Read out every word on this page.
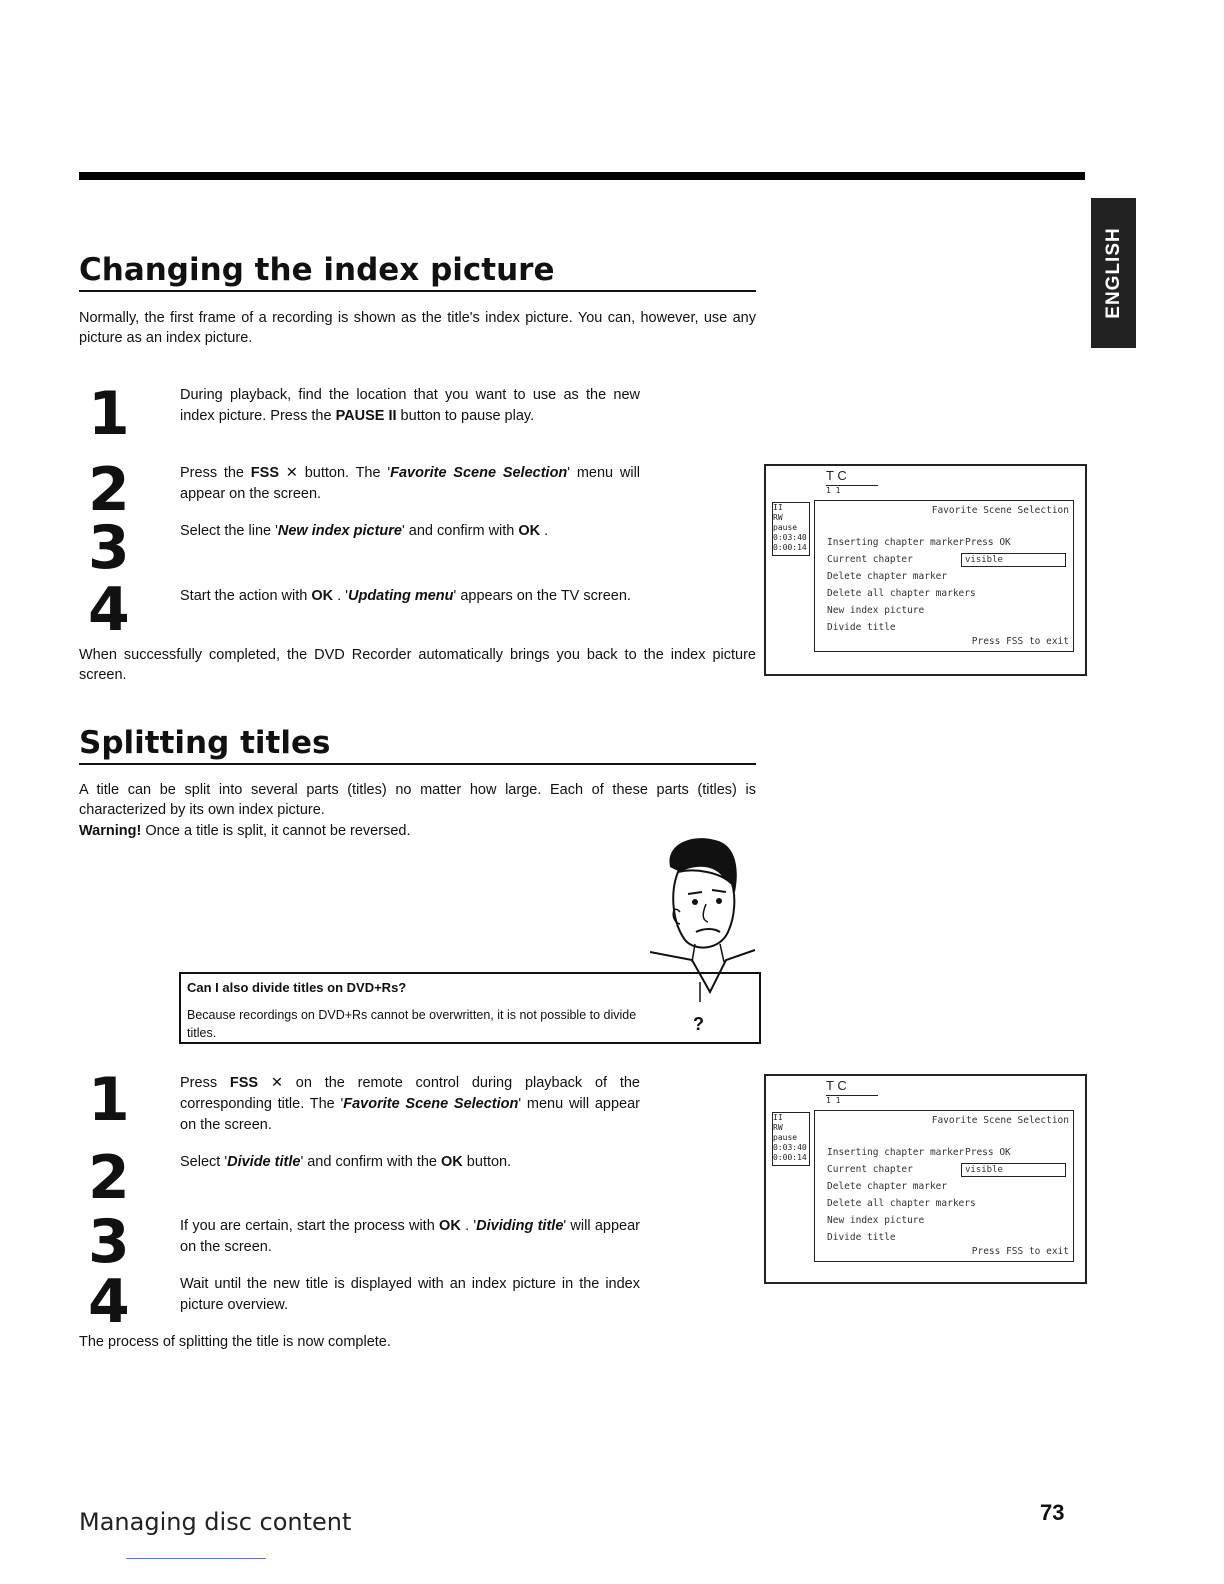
ENGLISH
Changing the index picture
Normally, the first frame of a recording is shown as the title's index picture. You can, however, use any picture as an index picture.
1	During playback, find the location that you want to use as the new index picture. Press the PAUSE II button to pause play.
2	Press the FSS ✕ button. The 'Favorite Scene Selection' menu will appear on the screen.
3	Select the line 'New index picture' and confirm with OK .
4	Start the action with OK . 'Updating menu' appears on the TV screen.
When successfully completed, the DVD Recorder automatically brings you back to the index picture screen.
T C
1 1
II
RW pause
0:03:40
0:00:14
Favorite Scene Selection
Inserting chapter marker Press OK
Current chapter	visible
Delete chapter marker
Delete all chapter markers
New index picture
Divide title
Press FSS to exit
Splitting titles
A title can be split into several parts (titles) no matter how large. Each of these parts (titles) is characterized by its own index picture.
Warning! Once a title is split, it cannot be reversed.
Can I also divide titles on DVD+Rs?
Because recordings on DVD+Rs cannot be overwritten, it is not possible to divide titles.	?
1	Press FSS ✕ on the remote control during playback of the corresponding title. The 'Favorite Scene Selection' menu will appear on the screen.
2	Select 'Divide title' and confirm with the OK button.
3	If you are certain, start the process with OK . 'Dividing title' will appear on the screen.
4	Wait until the new title is displayed with an index picture in the index picture overview.
The process of splitting the title is now complete.
T C
1 1
II
RW pause
0:03:40
0:00:14
Favorite Scene Selection
Inserting chapter marker Press OK
Current chapter	visible
Delete chapter marker
Delete all chapter markers
New index picture
Divide title
Press FSS to exit
Managing disc content	73
